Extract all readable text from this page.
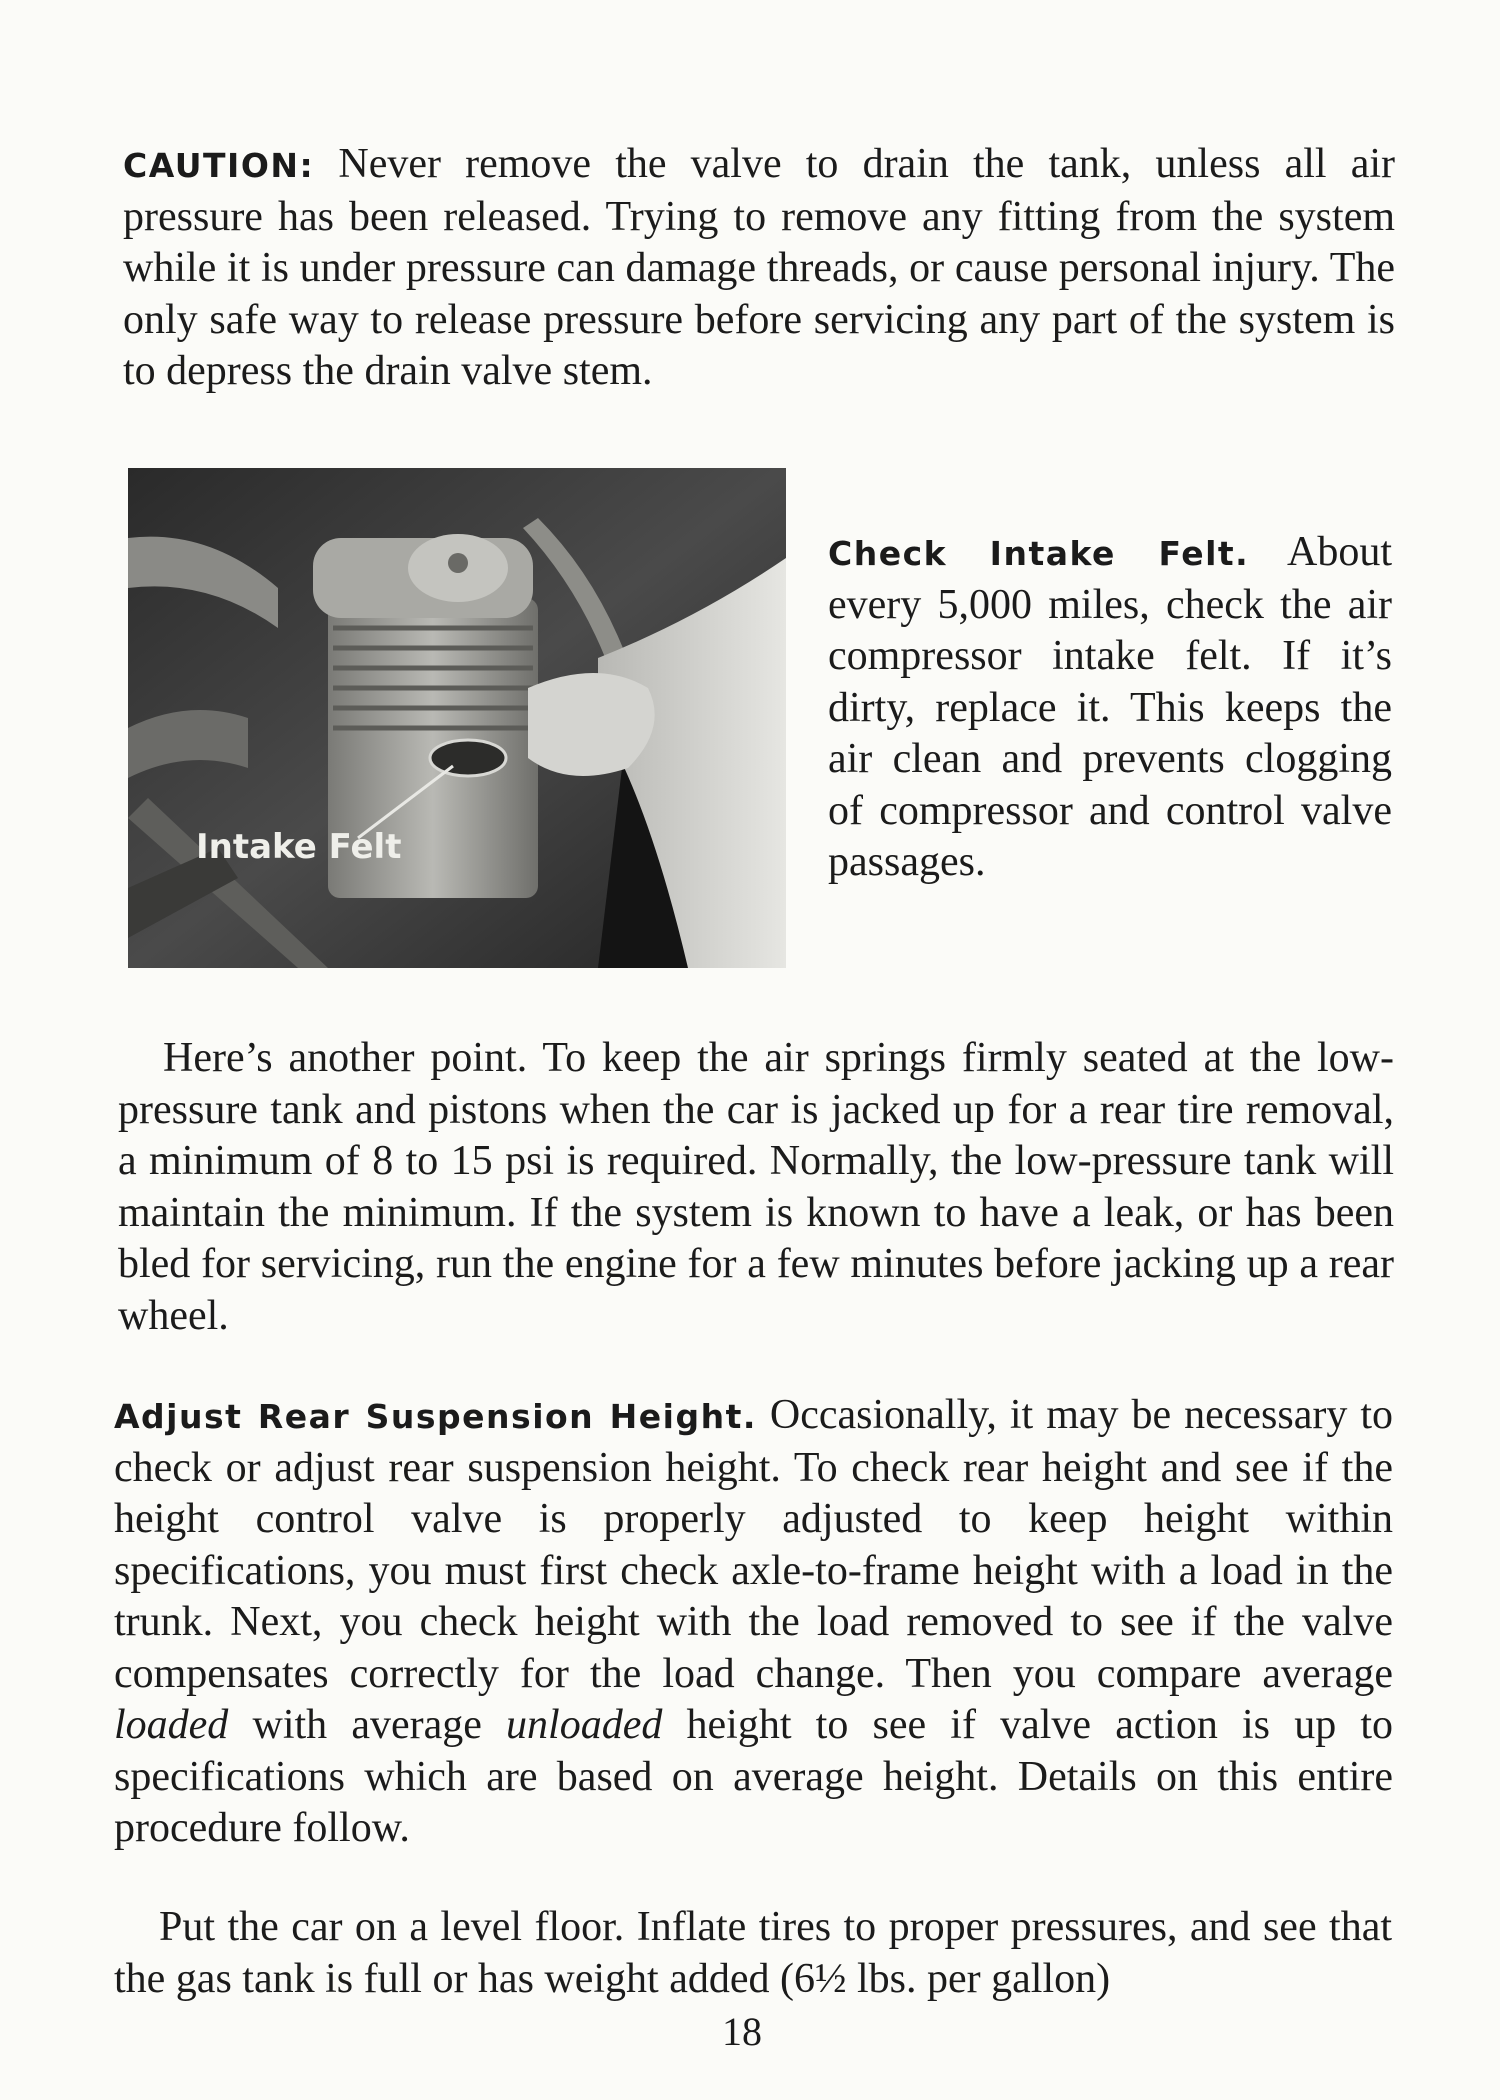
CAUTION: Never remove the valve to drain the tank, unless all air pressure has been released. Trying to remove any fitting from the system while it is under pressure can damage threads, or cause personal injury. The only safe way to release pressure before servicing any part of the system is to depress the drain valve stem.

Intake Felt

Check Intake Felt. About every 5,000 miles, check the air compressor intake felt. If it’s dirty, replace it. This keeps the air clean and prevents clogging of compressor and control valve passages.

Here’s another point. To keep the air springs firmly seated at the low-pressure tank and pistons when the car is jacked up for a rear tire removal, a minimum of 8 to 15 psi is required. Normally, the low-pressure tank will maintain the minimum. If the system is known to have a leak, or has been bled for servicing, run the engine for a few minutes before jacking up a rear wheel.

Adjust Rear Suspension Height. Occasionally, it may be necessary to check or adjust rear suspension height. To check rear height and see if the height control valve is properly adjusted to keep height within specifications, you must first check axle-to-frame height with a load in the trunk. Next, you check height with the load removed to see if the valve compensates correctly for the load change. Then you compare average loaded with average unloaded height to see if valve action is up to specifications which are based on average height. Details on this entire procedure follow.

Put the car on a level floor. Inflate tires to proper pressures, and see that the gas tank is full or has weight added (6½ lbs. per gallon)

18
